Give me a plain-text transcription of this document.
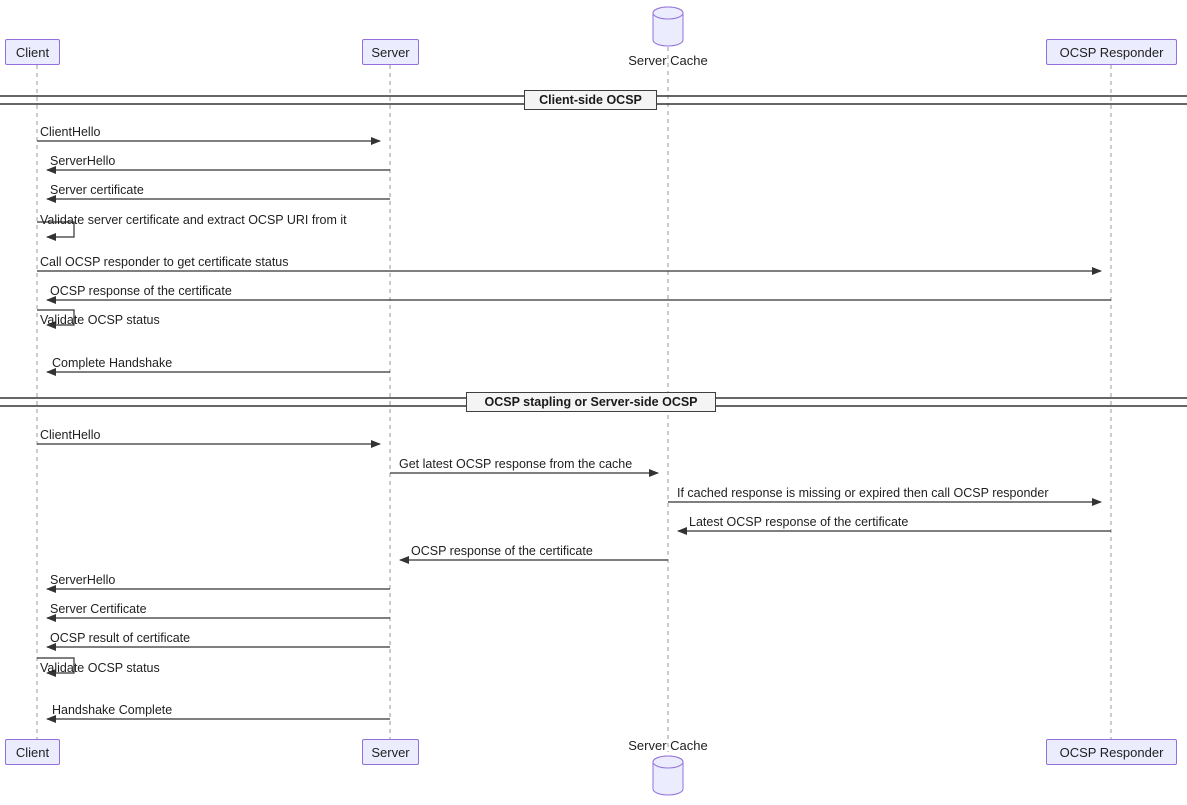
Client	Server
Server Cache
OCSP Responder
Client	Server	Server Cache	OCSP Responder
Client-side OCSP
OCSP stapling or Server-side OCSP
ClientHello
ServerHello
Server certificate
Validate server certificate and extract OCSP URI from it
Call OCSP responder to get certificate status
OCSP response of the certificate
Validate OCSP status
Complete Handshake
ClientHello
Get latest OCSP response from the cache
If cached response is missing or expired then call OCSP responder
Latest OCSP response of the certificate
OCSP response of the certificate
ServerHello
Server Certificate
OCSP result of certificate
Validate OCSP status
Handshake Complete
